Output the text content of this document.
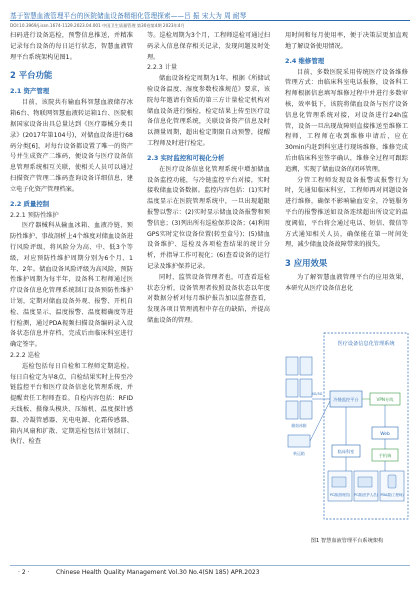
基于智慧血液管理平台的医院储血设备精细化管理探索——吕 振 宋大为 周 耐琴
DOI:10.3969/j.issn.1674-1129.2023.04.001 中国卫生质量管理 第30卷第4期 2023年4月

扫码进行设备巡检，预警信息推送，并精准记录每台设备的每日运行状态，智慧血液管理平台系统架构见图1。

2 平台功能
2.1 资产管理

目前，该院共有输血科智慧血液储存冰箱6台、物联网智慧血液转运箱1台、医院根据国家设备出具总量达到《医疗器械分类目录》(2017年第104号)，对储血设备进行68码分类[6]，对每台设备都设置了唯一的资产号并生成资产二维码，便设备与医疗设备信息管理系统相互关联，使相关人员可以通过扫描资产管理二维码查询设备详细信息，建立电子化资产管理档案。

2.2 质量控制
2.2.1 预防性维护

医疗器械科从输血冰箱、血液冷链、预防性维护、事故剖析上4个维度对储血设备进行风险评级，将风险分为高、中、低3个等级，对应预防性维护周期分别为6个月、1年、2年。储血设备风险评级为高风险，预防性维护周期为每半年，设备科工程师通过医疗设备信息化管理系统制订设备预防性维护计划，定期对储血设备外观、报警、开机自检、温度显示、温度报警、温度精确度等进行检测，通过PDA视频扫描设备编码录入设备状态信息并存档，完成后由临床科室进行确定签字。

2.2.2 巡检

巡检包括每日自检和工程师定期巡检。每日自检定为早8点，自检结果实时上传至冷链监控平台和医疗设备信息化管理系统，并提醒责任工程师查看。自检内容包括：RFID天线板、摄像头模块、压缩机、温度探针感器、冷凝管感器、光电电源、化霜传感器、箱内风扇和扩散、定期巡检包括计划制订、执行、检查

等。巡检周期为3个月，工程师巡检可通过扫码录入信息保存相关记录，发现问题及时处理。

2.2.3 计量

储血设备检定周期为1年。根据《所储试验设备温度、湿度参数校准规范》要求，该院每年邀请有资质的第三方计量检定机构对储血设备进行强检，检定结果上传至医疗设备信息化管理系统，关联设备资产信息及时以测量周期，超出检定期限自动预警，提醒工程师及时进行检定。

2.3 实时监控和可视化分析

在医疗设备信息化管理系统中增加储血设备监控功能，与冷链监控平台对接，实时接收储血设备数据。监控内容包括：(1)实时温度显示在医院管理系统中，一旦出现超限报警以警示：(2)实时显示储血设备报警和预警信息；(3)列出所有巡检保养设备；(4)利用GPS实时定位设备位置(转至盒号)；(5)储血设备维护、巡检及各项检查结果的统计分析，并指导工作可视化；(6)查看设备的运行记录及维护保养记录。

同时，监管设备管理者也，可查看巡检状态分析，设备管理者按照设备状态以年度对数据分析对每月维护报告加以监督查看，发现各项目管理流程中存在的缺陷，并提高储血设备的管理。

用时间和每月使用率，便于决策层更加直观地了解设备使用情况。

2.4 维修管理

目前，多数医院采用传统医疗设备维修管理方式：由临床科室电话报修，设备科工程师根据信息填写维修过程中并进行多数审核，效率低下，该院将储血设备与医疗设备信息化管理系统对接，对设备进行24h监管，设备一旦出现故障则直接推送至维修工程师，工程师在收到维修申请后，应在30min内赶到科室进行现场维修，维修完成后由临床科室签字确认，维修全过程可跟踪追溯，实现了储血设备的闭环管理。

分管工程师发现设备报警或报警行为时，先通知临床科室，工程师再对问题设备进行维修，确保不影响输血安全，冷链服务平台的报警推送如设备连续超出所设定的温度阈值，平台将会通过电话、短信、微信等方式通知相关人员，确保能在第一时间处理，减少储血设备故障带来的损失。

3 应用效果

为了解智慧血液管理平台的应用效果，本研究从医疗设备信息化

医疗设备信息化管理系统
冷链监控平台	VPN专线
Web
临床科室
PC端(管理员) PC端(医护人员) PDA端(工程师)
手机端
储血冰箱
转运箱
4G/5G
图1 智慧血液管理平台系统架构
· 2 ·	Chinese Health Quality Management Vol.30 No.4(SN 185) APR.2023
